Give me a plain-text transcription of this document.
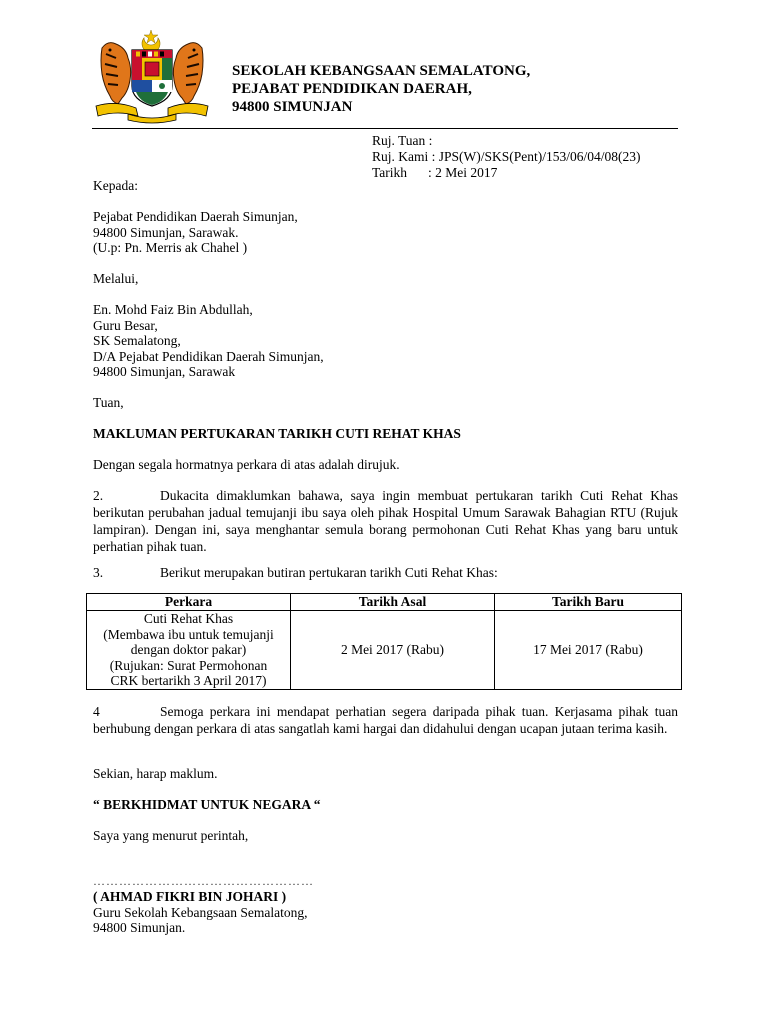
SEKOLAH KEBANGSAAN SEMALATONG,
PEJABAT PENDIDIKAN DAERAH,
94800 SIMUNJAN
Ruj. Tuan :
Ruj. Kami : JPS(W)/SKS(Pent)/153/06/04/08(23)
Tarikh : 2 Mei 2017
Kepada:
Pejabat Pendidikan Daerah Simunjan,
94800 Simunjan, Sarawak.
(U.p: Pn. Merris ak Chahel )
Melalui,
En. Mohd Faiz Bin Abdullah,
Guru Besar,
SK Semalatong,
D/A Pejabat Pendidikan Daerah Simunjan,
94800 Simunjan, Sarawak
Tuan,
MAKLUMAN PERTUKARAN TARIKH CUTI REHAT KHAS
Dengan segala hormatnya perkara di atas adalah dirujuk.
2.	Dukacita dimaklumkan bahawa, saya ingin membuat pertukaran tarikh Cuti Rehat Khas berikutan perubahan jadual temujanji ibu saya oleh pihak Hospital Umum Sarawak Bahagian RTU (Rujuk lampiran). Dengan ini, saya menghantar semula borang permohonan Cuti Rehat Khas yang baru untuk perhatian pihak tuan.
3.	Berikut merupakan butiran pertukaran tarikh Cuti Rehat Khas:
Perkara	Tarikh Asal	Tarikh Baru

Cuti Rehat Khas
(Membawa ibu untuk temujanji
dengan doktor pakar)
(Rujukan: Surat Permohonan
CRK bertarikh 3 April 2017)	2 Mei 2017 (Rabu)	17 Mei 2017 (Rabu)
4	Semoga perkara ini mendapat perhatian segera daripada pihak tuan. Kerjasama pihak tuan berhubung dengan perkara di atas sangatlah kami hargai dan didahului dengan ucapan jutaan terima kasih.
Sekian, harap maklum.
“ BERKHIDMAT UNTUK NEGARA “
Saya yang menurut perintah,
……………………………………………
( AHMAD FIKRI BIN JOHARI )
Guru Sekolah Kebangsaan Semalatong,
94800 Simunjan.
